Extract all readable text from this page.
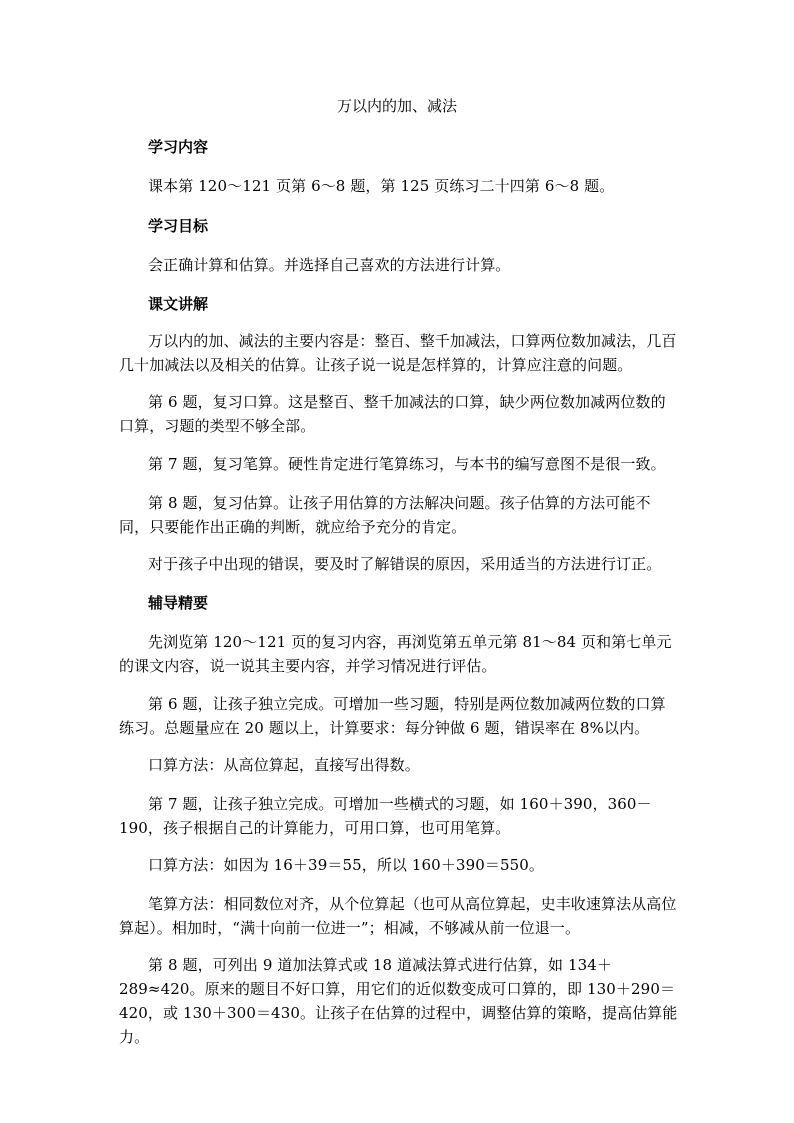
万以内的加、减法
学习内容
课本第 120～121 页第 6～8 题，第 125 页练习二十四第 6～8 题。
学习目标
会正确计算和估算。并选择自己喜欢的方法进行计算。
课文讲解
万以内的加、减法的主要内容是：整百、整千加减法，口算两位数加减法，几百几十加减法以及相关的估算。让孩子说一说是怎样算的，计算应注意的问题。
第 6 题，复习口算。这是整百、整千加减法的口算，缺少两位数加减两位数的口算，习题的类型不够全部。
第 7 题，复习笔算。硬性肯定进行笔算练习，与本书的编写意图不是很一致。
第 8 题，复习估算。让孩子用估算的方法解决问题。孩子估算的方法可能不同，只要能作出正确的判断，就应给予充分的肯定。
对于孩子中出现的错误，要及时了解错误的原因，采用适当的方法进行订正。
辅导精要
先浏览第 120～121 页的复习内容，再浏览第五单元第 81～84 页和第七单元的课文内容，说一说其主要内容，并学习情况进行评估。
第 6 题，让孩子独立完成。可增加一些习题，特别是两位数加减两位数的口算练习。总题量应在 20 题以上，计算要求：每分钟做 6 题，错误率在 8%以内。
口算方法：从高位算起，直接写出得数。
第 7 题，让孩子独立完成。可增加一些横式的习题，如 160＋390，360－190，孩子根据自己的计算能力，可用口算，也可用笔算。
口算方法：如因为 16＋39＝55，所以 160＋390＝550。
笔算方法：相同数位对齐，从个位算起（也可从高位算起，史丰收速算法从高位算起）。相加时，“满十向前一位进一”；相减，不够减从前一位退一。
第 8 题，可列出 9 道加法算式或 18 道减法算式进行估算，如 134＋289≈420。原来的题目不好口算，用它们的近似数变成可口算的，即 130＋290＝420，或 130＋300＝430。让孩子在估算的过程中，调整估算的策略，提高估算能力。
